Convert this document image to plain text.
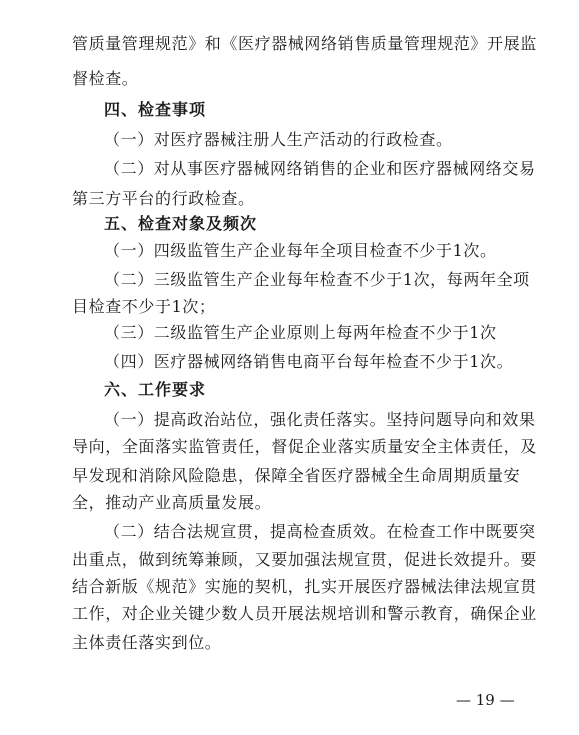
管质量管理规范》和《医疗器械网络销售质量管理规范》开展监
督检查。
四、检查事项
（一）对医疗器械注册人生产活动的行政检查。
（二）对从事医疗器械网络销售的企业和医疗器械网络交易
第三方平台的行政检查。
五、检查对象及频次
（一）四级监管生产企业每年全项目检查不少于1次。
（二）三级监管生产企业每年检查不少于1次，每两年全项
目检查不少于1次；
（三）二级监管生产企业原则上每两年检查不少于1次
（四）医疗器械网络销售电商平台每年检查不少于1次。
六、工作要求
（一）提高政治站位，强化责任落实。坚持问题导向和效果
导向，全面落实监管责任，督促企业落实质量安全主体责任，及
早发现和消除风险隐患，保障全省医疗器械全生命周期质量安
全，推动产业高质量发展。
（二）结合法规宣贯，提高检查质效。在检查工作中既要突
出重点，做到统筹兼顾，又要加强法规宣贯，促进长效提升。要
结合新版《规范》实施的契机，扎实开展医疗器械法律法规宣贯
工作，对企业关键少数人员开展法规培训和警示教育，确保企业
主体责任落实到位。
— 19 —
